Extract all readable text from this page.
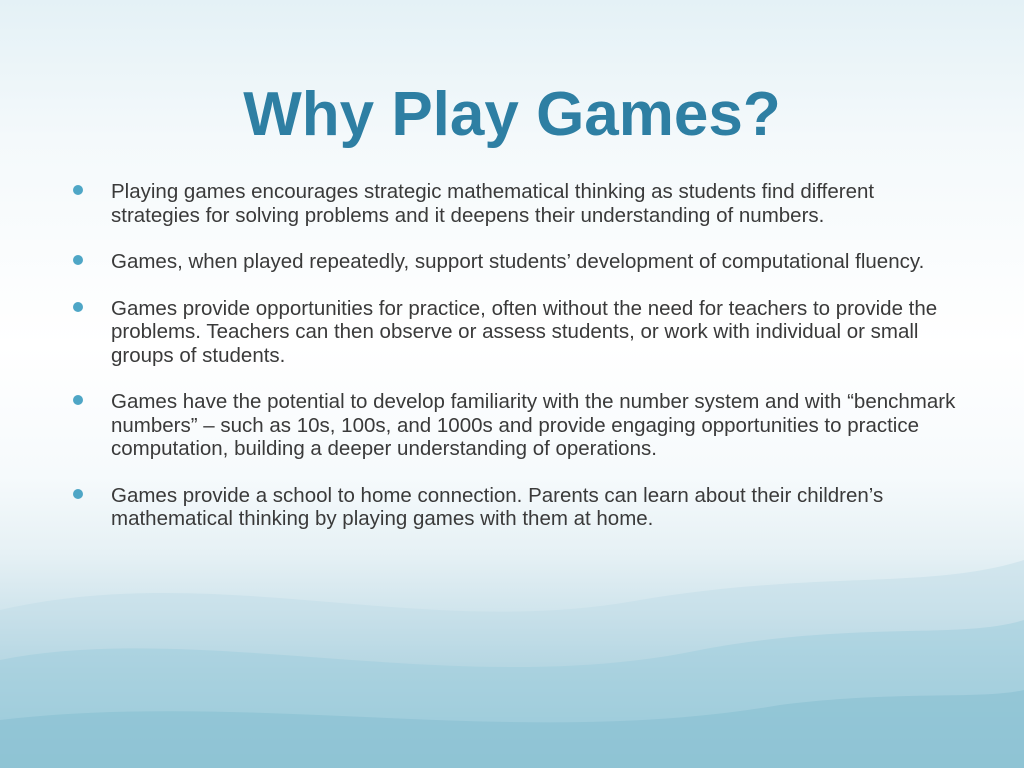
Why Play Games?
Playing games encourages strategic mathematical thinking as students find different strategies for solving problems and it deepens their understanding of numbers.
Games, when played repeatedly, support students’ development of computational fluency.
Games provide opportunities for practice, often without the need for teachers to provide the problems. Teachers can then observe or assess students, or work with individual or small groups of students.
Games have the potential to develop familiarity with the number system and with “benchmark numbers” – such as 10s, 100s, and 1000s and provide engaging opportunities to practice computation, building a deeper understanding of operations.
Games provide a school to home connection. Parents can learn about their children’s mathematical thinking by playing games with them at home.
